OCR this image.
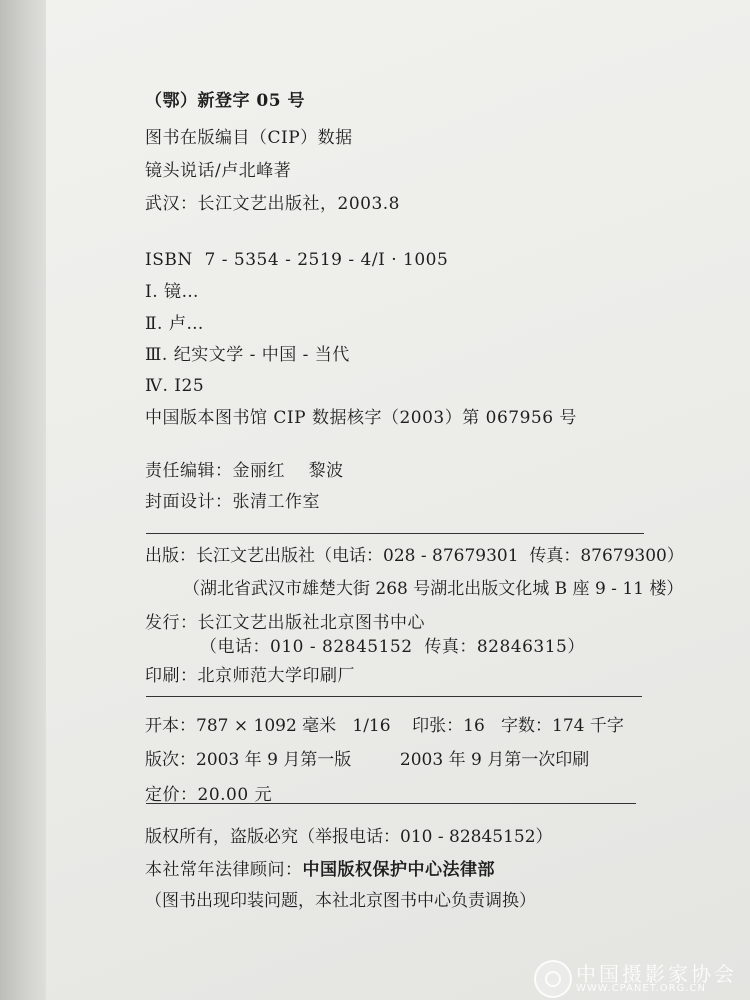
（鄂）新登字 05 号
图书在版编目（CIP）数据
镜头说话/卢北峰著
武汉：长江文艺出版社，2003.8
ISBN  7 - 5354 - 2519 - 4/I · 1005
Ⅰ. 镜…
Ⅱ. 卢…
Ⅲ. 纪实文学 - 中国 - 当代
Ⅳ. I25
中国版本图书馆 CIP 数据核字（2003）第 067956 号
责任编辑：金丽红    黎波
封面设计：张清工作室
出版：长江文艺出版社（电话：028 - 87679301  传真：87679300）
（湖北省武汉市雄楚大街 268 号湖北出版文化城 B 座 9 - 11 楼）
发行：长江文艺出版社北京图书中心
（电话：010 - 82845152  传真：82846315）
印刷：北京师范大学印刷厂
开本：787 × 1092 毫米   1/16    印张：16   字数：174 千字
版次：2003 年 9 月第一版         2003 年 9 月第一次印刷
定价：20.00 元
版权所有，盗版必究（举报电话：010 - 82845152）
本社常年法律顾问：中国版权保护中心法律部
（图书出现印装问题，本社北京图书中心负责调换）
中国摄影家协会
WWW.CPANET.ORG.CN
